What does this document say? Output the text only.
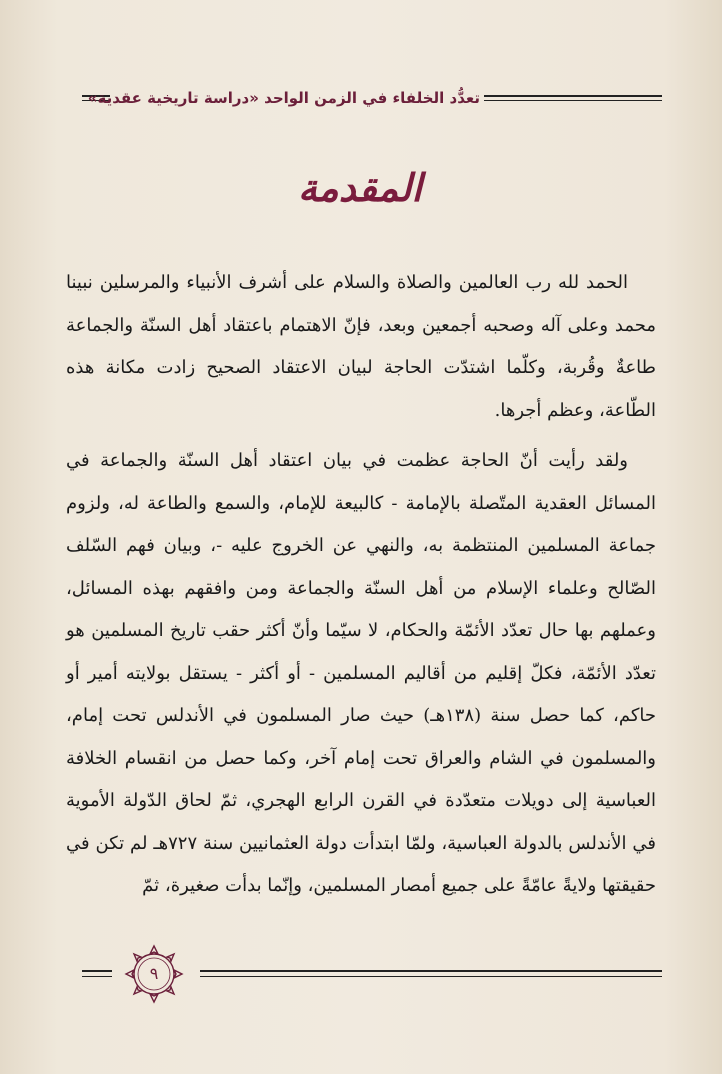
تعدُّد الخلفاء في الزمن الواحد «دراسة تاريخية عقدية»
المقدمة

الحمد لله رب العالمين والصلاة والسلام على أشرف الأنبياء والمرسلين نبينا محمد وعلى آله وصحبه أجمعين وبعد، فإنّ الاهتمام باعتقاد أهل السنّة والجماعة طاعةٌ وقُربة، وكلّما اشتدّت الحاجة لبيان الاعتقاد الصحيح زادت مكانة هذه الطّاعة، وعظم أجرها.

ولقد رأيت أنّ الحاجة عظمت في بيان اعتقاد أهل السنّة والجماعة في المسائل العقدية المتّصلة بالإمامة - كالبيعة للإمام، والسمع والطاعة له، ولزوم جماعة المسلمين المنتظمة به، والنهي عن الخروج عليه -، وبيان فهم السّلف الصّالح وعلماء الإسلام من أهل السنّة والجماعة ومن وافقهم بهذه المسائل، وعملهم بها حال تعدّد الأئمّة والحكام، لا سيّما وأنّ أكثر حقب تاريخ المسلمين هو تعدّد الأئمّة، فكلّ إقليم من أقاليم المسلمين - أو أكثر - يستقل بولايته أمير أو حاكم، كما حصل سنة (١٣٨هـ) حيث صار المسلمون في الأندلس تحت إمام، والمسلمون في الشام والعراق تحت إمام آخر، وكما حصل من انقسام الخلافة العباسية إلى دويلات متعدّدة في القرن الرابع الهجري، ثمّ لحاق الدّولة الأموية في الأندلس بالدولة العباسية، ولمّا ابتدأت دولة العثمانيين سنة ٧٢٧هـ لم تكن في حقيقتها ولايةً عامّةً على جميع أمصار المسلمين، وإنّما بدأت صغيرة، ثمّ

٩
